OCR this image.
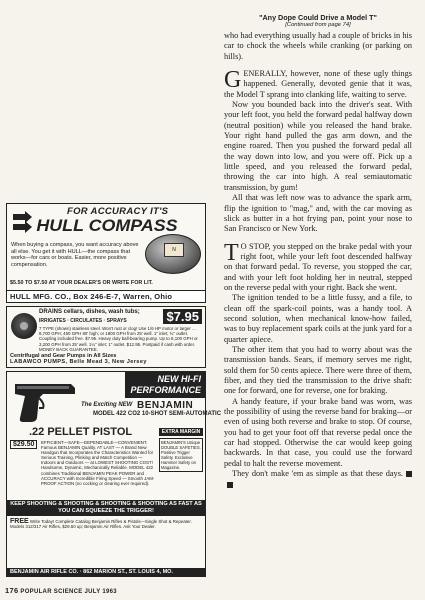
FOR ACCURACY IT'S
HULL COMPASS
When buying a compass, you want accuracy above all else. You get it with HULL—the compass that works—for cars or boats. Easier, more positive compensation.
N
$5.50 TO $7.50 AT YOUR DEALER'S OR WRITE FOR LIT.
HULL MFG. CO., Box 246-E-7, Warren, Ohio
DRAINS cellars, dishes, wash tubs;
IRRIGATES · CIRCULATES · SPRAYS	$7.95
7 TYPE (shown) stainless steel. Won't rust or clog! Use 1/6 HP motor or larger ... 8,700 GPH; 450 GPH 80' high; or 1800 GPH from 25' well. 1" inlet; ¾" outlet. Coupling included free. $7.95. Heavy duty ball-bearing pump. Up to 8,100 GPH or 3,200 GPH from 25' well. 1¼" inlet; 1" outlet. $12.95. Postpaid if cash with order. MONEY BACK GUARANTEE.
Centrifugal and Gear Pumps in All Sizes
LABAWCO PUMPS, Belle Mead 3, New Jersey
NEW HI-FI
PERFORMANCE
The Exciting NEW BENJAMIN
MODEL 422 CO2 10-SHOT SEMI-AUTOMATIC
.22 PELLET PISTOL	EXTRA MARGIN
$29.50	EFFICIENT—SAFE—DEPENDABLE—CONVENIENT. Famous BENJAMIN Quality. AT LAST — A Brand New Handgun that Incorporates the Characteristics Wanted for Serious Training, Plinking and Match Competition — Indoors and Outdoors — at LOWEST SHOOTING COST! Handsome, Dynamic, Mechanically Reliable. MODEL 422 combines Traditional BENJAMIN PEAK POWER and ACCURACY with Incredible Firing Speed — Smooth JAM-PROOF ACTION (no cocking or clearing ever required).
BENJAMIN'S Unique DOUBLE SAFETIES. Positive Trigger Safety. Exclusive Hammer Safety on Magazine.
KEEP SHOOTING & SHOOTING & SHOOTING & SHOOTING AS FAST AS YOU CAN SQUEEZE THE TRIGGER!
FREE Write Today! Complete Catalog Benjamin Rifles & Pistols—Single Shot & Repeater. Models 312/317 Air Rifles, $29.50 up; Benjamin Air Rifles. Ask Your Dealer.
BENJAMIN AIR RIFLE CO. · 862 MARION ST., ST. LOUIS 4, MO.
"Any Dope Could Drive a Model T"
[Continued from page 74]

who had everything usually had a couple of bricks in his car to chock the wheels while cranking (or parking on hills).

GENERALLY, however, none of these ugly things happened. Generally, devoted genie that it was, the Model T sprang into clanking life, waiting to serve.

Now you bounded back into the driver's seat. With your left foot, you held the forward pedal halfway down (neutral position) while you released the hand brake. Your right hand pulled the gas arm down, and the engine roared. Then you pushed the forward pedal all the way down into low, and you were off. Pick up a little speed, and you released the forward pedal, throwing the car into high. A real semiautomatic transmission, by gum!

All that was left now was to advance the spark arm, flip the ignition to "mag," and, with the car moving as slick as butter in a hot frying pan, point your nose to San Francisco or New York.

T O STOP, you stepped on the brake pedal with your right foot, while your left foot descended halfway on that forward pedal. To reverse, you stopped the car, and with your left foot holding her in neutral, stepped on the reverse pedal with your right. Back she went.

The ignition tended to be a little fussy, and a file, to clean off the spark-coil points, was a handy tool. A second solution, when mechanical know-how failed, was to buy replacement spark coils at the junk yard for a quarter apiece.

The other item that you had to worry about was the transmission bands. Sears, if memory serves me right, sold them for 50 cents apiece. There were three of them, fiber, and they tied the transmission to the drive shaft: one for forward, one for reverse, one for braking.

A handy feature, if your brake band was worn, was the possibility of using the reverse band for braking—or even of using both reverse and brake to stop. Of course, you had to get your foot off that reverse pedal once the car had stopped. Otherwise the car would keep going backwards. In that case, you could use the forward pedal to halt the reverse movement.

They don't make 'em as simple as that these days.

176 POPULAR SCIENCE JULY 1963
